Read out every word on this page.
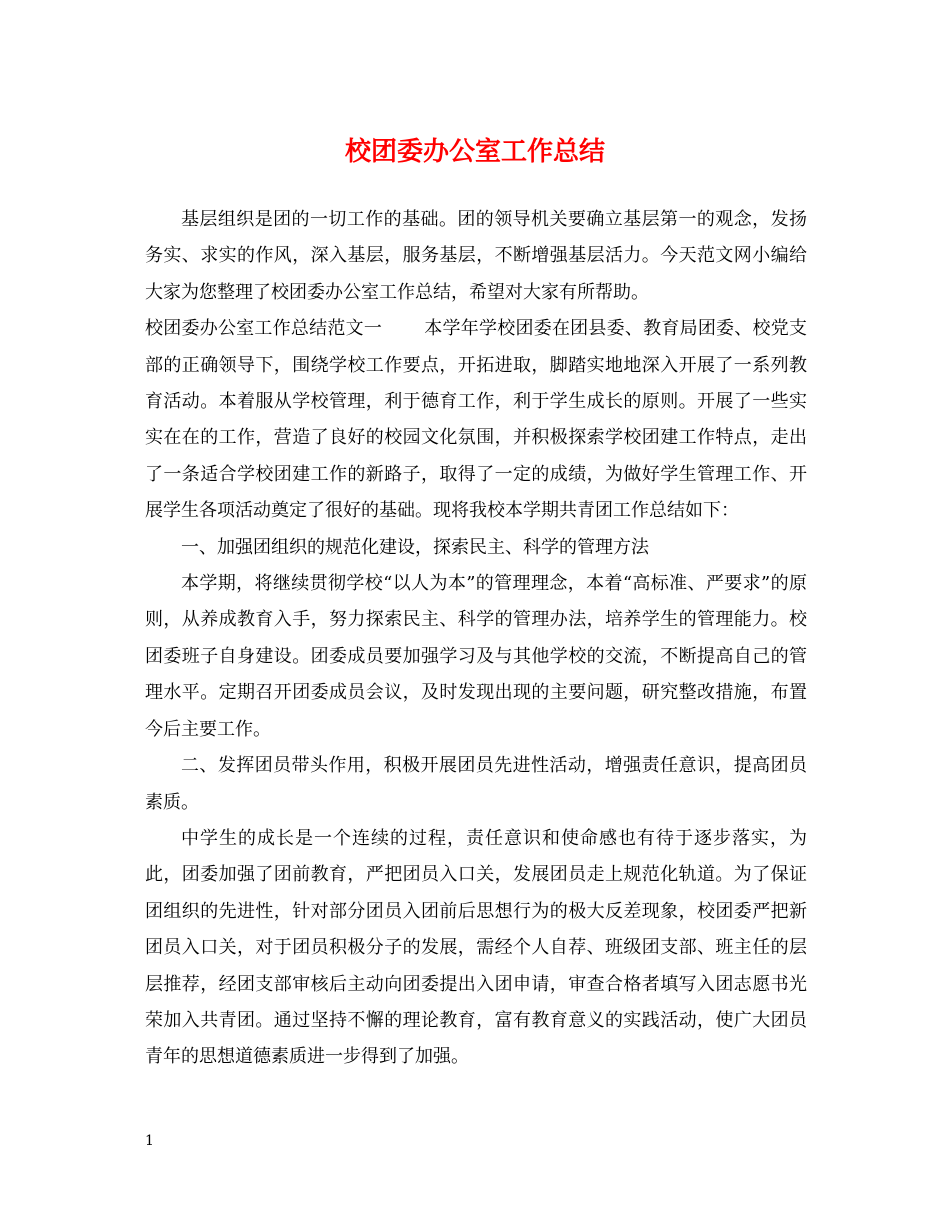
校团委办公室工作总结

基层组织是团的一切工作的基础。团的领导机关要确立基层第一的观念，发扬务实、求实的作风，深入基层，服务基层，不断增强基层活力。今天范文网小编给大家为您整理了校团委办公室工作总结，希望对大家有所帮助。

校团委办公室工作总结范文一 本学年学校团委在团县委、教育局团委、校党支部的正确领导下，围绕学校工作要点，开拓进取，脚踏实地地深入开展了一系列教育活动。本着服从学校管理，利于德育工作，利于学生成长的原则。开展了一些实实在在的工作，营造了良好的校园文化氛围，并积极探索学校团建工作特点，走出了一条适合学校团建工作的新路子，取得了一定的成绩，为做好学生管理工作、开展学生各项活动奠定了很好的基础。现将我校本学期共青团工作总结如下：

一、加强团组织的规范化建设，探索民主、科学的管理方法

本学期，将继续贯彻学校“以人为本”的管理理念，本着“高标准、严要求”的原则，从养成教育入手，努力探索民主、科学的管理办法，培养学生的管理能力。校团委班子自身建设。团委成员要加强学习及与其他学校的交流，不断提高自己的管理水平。定期召开团委成员会议，及时发现出现的主要问题，研究整改措施，布置今后主要工作。

二、发挥团员带头作用，积极开展团员先进性活动，增强责任意识，提高团员素质。

中学生的成长是一个连续的过程，责任意识和使命感也有待于逐步落实，为此，团委加强了团前教育，严把团员入口关，发展团员走上规范化轨道。为了保证团组织的先进性，针对部分团员入团前后思想行为的极大反差现象，校团委严把新团员入口关，对于团员积极分子的发展，需经个人自荐、班级团支部、班主任的层层推荐，经团支部审核后主动向团委提出入团申请，审查合格者填写入团志愿书光荣加入共青团。通过坚持不懈的理论教育，富有教育意义的实践活动，使广大团员青年的思想道德素质进一步得到了加强。

1
